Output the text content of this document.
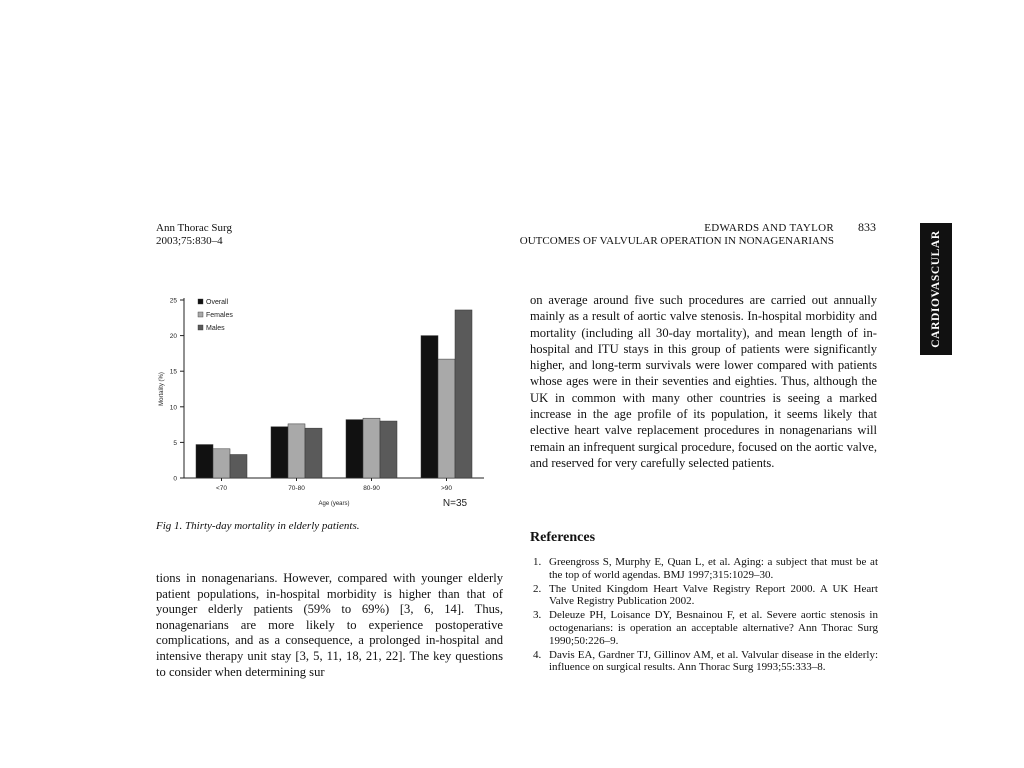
Ann Thorac Surg
2003;75:830–4
EDWARDS AND TAYLOR
OUTCOMES OF VALVULAR OPERATION IN NONAGENARIANS
833
CARDIOVASCULAR
0
5
10
15
20
25
Mortality (%)
<70	70-80	80-90	>90
Age (years)	N=35
Overall
Females
Males
Fig 1. Thirty-day mortality in elderly patients.
tions in nonagenarians. However, compared with younger elderly patient populations, in-hospital morbidity is higher than that of younger elderly patients (59% to 69%) [3, 6, 14]. Thus, nonagenarians are more likely to experience postoperative complications, and as a consequence, a prolonged in-hospital and intensive therapy unit stay [3, 5, 11, 18, 21, 22]. The key questions to consider when determining sur
on average around five such procedures are carried out annually mainly as a result of aortic valve stenosis. In-hospital morbidity and mortality (including all 30-day mortality), and mean length of in-hospital and ITU stays in this group of patients were significantly higher, and long-term survivals were lower compared with patients whose ages were in their seventies and eighties. Thus, although the UK in common with many other countries is seeing a marked increase in the age profile of its population, it seems likely that elective heart valve replacement procedures in nonagenarians will remain an infrequent surgical procedure, focused on the aortic valve, and reserved for very carefully selected patients.
References
1. Greengross S, Murphy E, Quan L, et al. Aging: a subject that must be at the top of world agendas. BMJ 1997;315:1029–30.
2. The United Kingdom Heart Valve Registry Report 2000. A UK Heart Valve Registry Publication 2002.
3. Deleuze PH, Loisance DY, Besnainou F, et al. Severe aortic stenosis in octogenarians: is operation an acceptable alternative? Ann Thorac Surg 1990;50:226–9.
4. Davis EA, Gardner TJ, Gillinov AM, et al. Valvular disease in the elderly: influence on surgical results. Ann Thorac Surg 1993;55:333–8.
